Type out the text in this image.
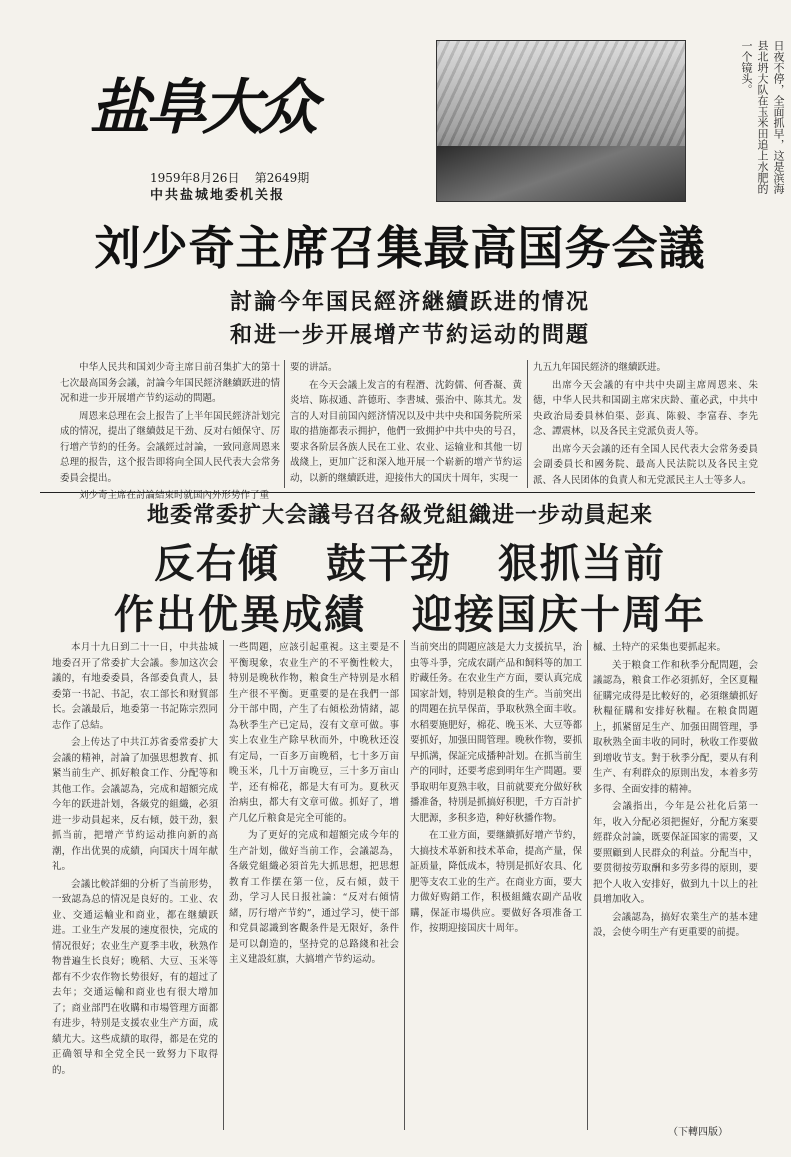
盐阜大众
1959年8月26日 第2649期
中共盐城地委机关报
日夜不停，全面抓早，这是滨海县北坍大队在玉米田追上水肥的一个镜头。
刘少奇主席召集最高国务会議
討論今年国民經济継續跃进的情况
和进一步开展增产节約运动的問題

中华人民共和国刘少奇主席日前召集扩大的第十七次最高国务会議，討論今年国民經济継續跃进的情况和进一步开展增产节約运动的問題。

周恩来总理在会上报告了上半年国民經济計划完成的情况，提出了继續鼓足干劲、反对右傾保守、厉行增产节約的任务。会議經过討論，一致同意周恩来总理的报告，这个报告即将向全国人民代表大会常务委員会提出。

刘少奇主席在討論結束时就国內外形势作了重

要的讲話。

在今天会議上发言的有程潛、沈鈞儒、何香凝、黄炎培、陈叔通、許德珩、李書城、張治中、陈其尤。发言的人对目前国內經济情况以及中共中央和国务院所采取的措施都表示拥护，他們一致拥护中共中央的号召，要求各阶层各族人民在工业、农业、运输业和其他一切战綫上，更加广泛和深入地开展一个崭新的增产节約运动，以新的继續跃进，迎接伟大的国庆十周年，实現一

九五九年国民經济的继續跃进。

出席今天会議的有中共中央副主席周恩来、朱德，中华人民共和国副主席宋庆龄、董必武，中共中央政治局委員林伯渠、彭真、陈毅、李富春、李先念、譚震林，以及各民主党派负责人等。

出席今天会議的还有全国人民代表大会常务委員会副委員长和國务院、最高人民法院以及各民主党派、各人民团体的負責人和无党派民主人士等多人。

地委常委扩大会議号召各級党組織进一步动員起来
反右傾 鼓干劲 狠抓当前
作出优異成績 迎接国庆十周年

本月十九日到二十一日，中共盐城地委召开了常委扩大会議。参加这次会議的，有地委委員，各部委負責人，县委第一书記、书記，农工部长和财貿部长。会議最后，地委第一书記陈宗烈同志作了总結。

会上传达了中共江苏省委常委扩大会議的精神，討論了加强思想教育、抓紧当前生产、抓好粮食工作、分配等和其他工作。会議認為，完成和超額完成今年的跃进計划，各級党的組織，必須进一步动員起来，反右傾，鼓干劲，狠抓当前，把增产节約运动推向新的高潮，作出优異的成績，向国庆十周年献礼。

会議比較詳細的分析了当前形势，一致認為总的情况是良好的。工业、农业、交通运輸业和商业，都在继續跃进。工业生产发展的速度很快，完成的情况很好；农业生产夏季丰收，秋熟作物普遍生长良好；晚稻、大豆、玉米等都有不少农作物长势很好，有的超过了去年；交通运輸和商业也有很大增加了；商业部門在收購和市場管理方面都有进步，特别是支援农业生产方面，成績尤大。这些成績的取得，都是在党的正确領导和全党全民一致努力下取得的。

一些問題，应該引起重視。这主要是不平衡現象，农业生产的不平衡性較大，特别是晚秋作物，粮食生产特别是水稻生产很不平衡。更重要的是在我們一部分干部中間，产生了右傾松劲情緒，認為秋季生产已定局，沒有文章可做。事实上农业生产除早秋而外，中晚秋还沒有定局，一百多万亩晚稻，七十多万亩晚玉米，几十万亩晚豆，三十多万亩山芋，还有棉花，都是大有可为。夏秋灭治病虫，都大有文章可做。抓好了，增产几亿斤粮食是完全可能的。

为了更好的完成和超額完成今年的生产計划，做好当前工作，会議認為，各級党組織必須首先大抓思想，把思想教育工作摆在第一位，反右傾，鼓干劲，学习人民日报社論：“反对右傾情緒，厉行增产节約”，通过学习，使干部和党員認識到客觀条件是无限好，条件是可以創造的，坚持党的总路綫和社会主义建設紅旗，大搞增产节約运动。

当前突出的問題应該是大力支援抗旱，治虫等斗爭，完成农副产品和飼料等的加工貯藏任务。在农业生产方面，要认真完成国家計划，特别是粮食的生产。当前突出的問題在抗旱保苗，爭取秋熟全面丰收。水稻要施肥好，棉花、晚玉米、大豆等都要抓好，加强田間管理。晚秋作物，要抓早抓满，保証完成播种計划。在抓当前生产的同时，还要考虑到明年生产問題。要爭取明年夏熟丰收，目前就要充分做好秋播准备，特別是抓搞好积肥，千方百計扩大肥源，多积多造，种好秋播作物。

在工业方面，要继續抓好增产节約，大搞技术革新和技术革命，提高产量，保証质量，降低成本，特別是抓好农具、化肥等支农工业的生产。在商业方面，要大力做好购銷工作，积极組織农副产品收購，保証市場供应。要做好各項准备工作，按期迎接国庆十周年。

槭、土特产的采集也要抓起来。

关于粮食工作和秋季分配問題，会議認為，粮食工作必須抓好，全区夏糧征購完成得是比較好的，必須继續抓好秋糧征購和安排好秋糧。在粮食問題上，抓紧留足生产、加强田間管理，爭取秋熟全面丰收的同时，秋收工作要做到增收节支。對于秋季分配，要从有利生产、有利群众的原則出发，本着多劳多得、全面安排的精神。

会議指出，今年是公社化后第一年，收入分配必須把握好，分配方案要經群众討論，既要保証国家的需要，又要照顧到人民群众的利益。分配当中，要贯彻按劳取酬和多劳多得的原則，要把个人收入安排好，做到九十以上的社員增加收入。

会議認為，搞好农業生产的基本建設，会使今明生产有更重要的前提。

（下轉四版）
